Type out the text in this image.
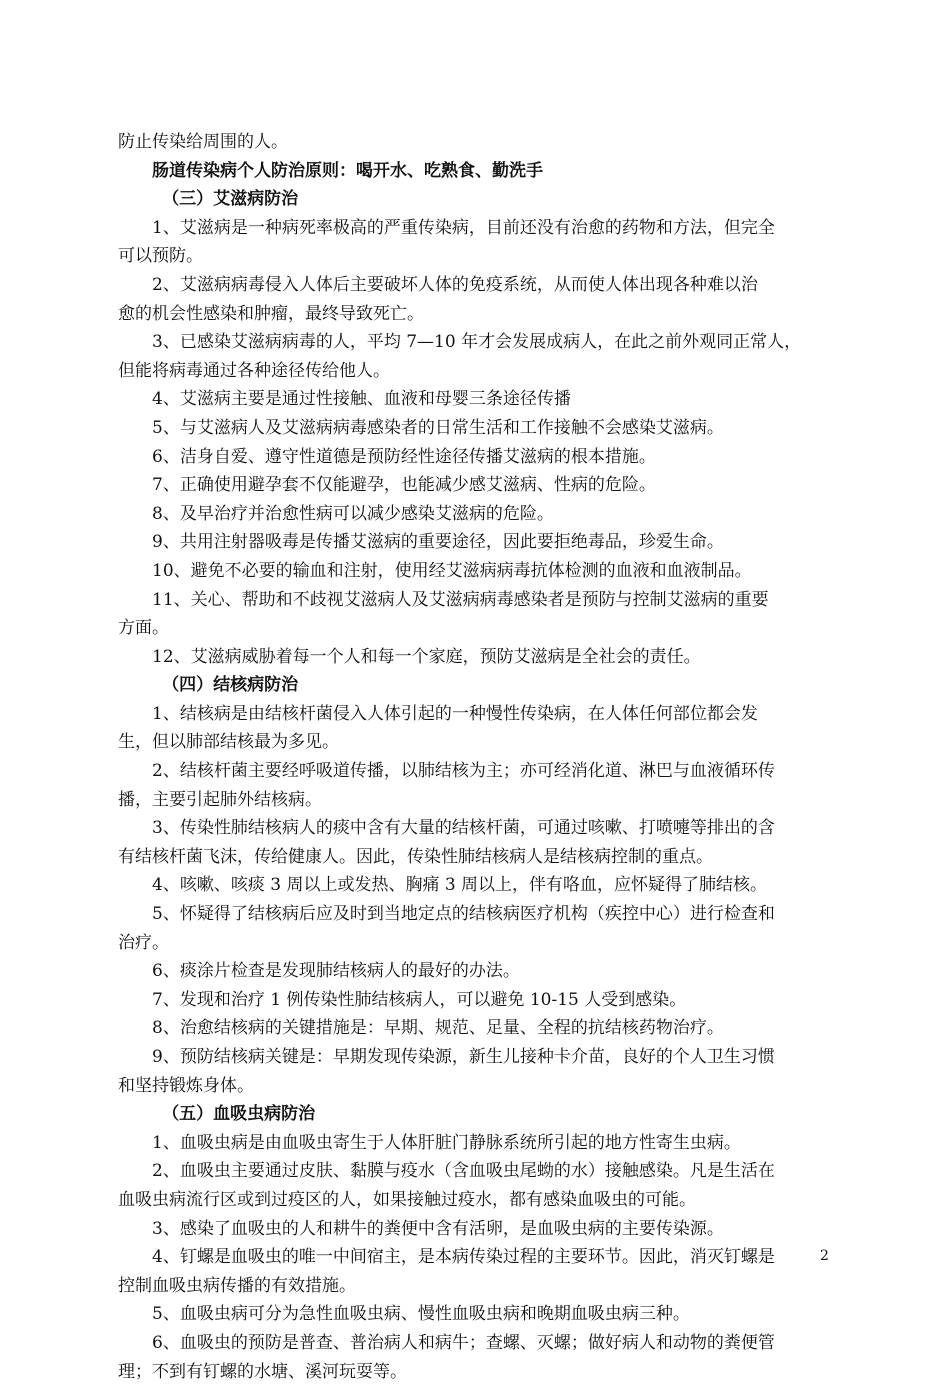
防止传染给周围的人。
肠道传染病个人防治原则：喝开水、吃熟食、勤洗手
（三）艾滋病防治
1、艾滋病是一种病死率极高的严重传染病，目前还没有治愈的药物和方法，但完全
可以预防。
2、艾滋病病毒侵入人体后主要破坏人体的免疫系统，从而使人体出现各种难以治
愈的机会性感染和肿瘤，最终导致死亡。
3、已感染艾滋病病毒的人，平均 7—10 年才会发展成病人，在此之前外观同正常人，
但能将病毒通过各种途径传给他人。
4、艾滋病主要是通过性接触、血液和母婴三条途径传播
5、与艾滋病人及艾滋病病毒感染者的日常生活和工作接触不会感染艾滋病。
6、洁身自爱、遵守性道德是预防经性途径传播艾滋病的根本措施。
7、正确使用避孕套不仅能避孕，也能减少感艾滋病、性病的危险。
8、及早治疗并治愈性病可以减少感染艾滋病的危险。
9、共用注射器吸毒是传播艾滋病的重要途径，因此要拒绝毒品，珍爱生命。
10、避免不必要的输血和注射，使用经艾滋病病毒抗体检测的血液和血液制品。
11、关心、帮助和不歧视艾滋病人及艾滋病病毒感染者是预防与控制艾滋病的重要
方面。
12、艾滋病威胁着每一个人和每一个家庭，预防艾滋病是全社会的责任。
（四）结核病防治
1、结核病是由结核杆菌侵入人体引起的一种慢性传染病，在人体任何部位都会发
生，但以肺部结核最为多见。
2、结核杆菌主要经呼吸道传播，以肺结核为主；亦可经消化道、淋巴与血液循环传
播，主要引起肺外结核病。
3、传染性肺结核病人的痰中含有大量的结核杆菌，可通过咳嗽、打喷嚏等排出的含
有结核杆菌飞沫，传给健康人。因此，传染性肺结核病人是结核病控制的重点。
4、咳嗽、咳痰 3 周以上或发热、胸痛 3 周以上，伴有咯血，应怀疑得了肺结核。
5、怀疑得了结核病后应及时到当地定点的结核病医疗机构（疾控中心）进行检查和
治疗。
6、痰涂片检查是发现肺结核病人的最好的办法。
7、发现和治疗 1 例传染性肺结核病人，可以避免 10-15 人受到感染。
8、治愈结核病的关键措施是：早期、规范、足量、全程的抗结核药物治疗。
9、预防结核病关键是：早期发现传染源，新生儿接种卡介苗，良好的个人卫生习惯
和坚持锻炼身体。
（五）血吸虫病防治
1、血吸虫病是由血吸虫寄生于人体肝脏门静脉系统所引起的地方性寄生虫病。
2、血吸虫主要通过皮肤、黏膜与疫水（含血吸虫尾蚴的水）接触感染。凡是生活在
血吸虫病流行区或到过疫区的人，如果接触过疫水，都有感染血吸虫的可能。
3、感染了血吸虫的人和耕牛的粪便中含有活卵，是血吸虫病的主要传染源。
4、钉螺是血吸虫的唯一中间宿主，是本病传染过程的主要环节。因此，消灭钉螺是
控制血吸虫病传播的有效措施。
5、血吸虫病可分为急性血吸虫病、慢性血吸虫病和晚期血吸虫病三种。
6、血吸虫的预防是普查、普治病人和病牛；查螺、灭螺；做好病人和动物的粪便管
理；不到有钉螺的水塘、溪河玩耍等。
2
